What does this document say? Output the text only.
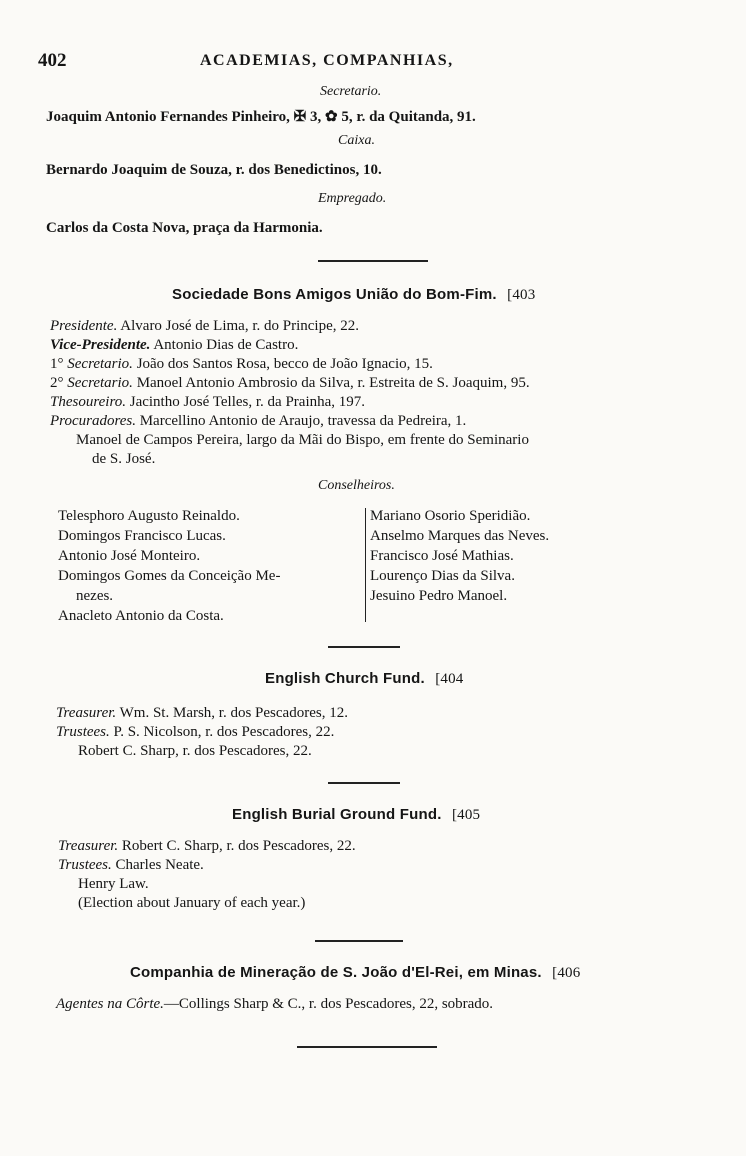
402	ACADEMIAS, COMPANHIAS,
Secretario.
Joaquim Antonio Fernandes Pinheiro, ✠ 3, ✿ 5, r. da Quitanda, 91.
Caixa.
Bernardo Joaquim de Souza, r. dos Benedictinos, 10.
Empregado.
Carlos da Costa Nova, praça da Harmonia.
Sociedade Bons Amigos União do Bom-Fim. [403
Presidente. Alvaro José de Lima, r. do Principe, 22.
Vice-Presidente. Antonio Dias de Castro.
1° Secretario. João dos Santos Rosa, becco de João Ignacio, 15.
2° Secretario. Manoel Antonio Ambrosio da Silva, r. Estreita de S. Joaquim, 95.
Thesoureiro. Jacintho José Telles, r. da Prainha, 197.
Procuradores. Marcellino Antonio de Araujo, travessa da Pedreira, 1.
Manoel de Campos Pereira, largo da Mãi do Bispo, em frente do Seminario
de S. José.
Conselheiros.
Telesphoro Augusto Reinaldo.
Domingos Francisco Lucas.
Antonio José Monteiro.
Domingos Gomes da Conceição Me-
nezes.
Anacleto Antonio da Costa.
Mariano Osorio Speridião.
Anselmo Marques das Neves.
Francisco José Mathias.
Lourenço Dias da Silva.
Jesuino Pedro Manoel.
English Church Fund. [404
Treasurer. Wm. St. Marsh, r. dos Pescadores, 12.
Trustees. P. S. Nicolson, r. dos Pescadores, 22.
Robert C. Sharp, r. dos Pescadores, 22.
English Burial Ground Fund. [405
Treasurer. Robert C. Sharp, r. dos Pescadores, 22.
Trustees. Charles Neate.
Henry Law.
(Election about January of each year.)
Companhia de Mineração de S. João d'El-Rei, em Minas. [406
Agentes na Côrte.—Collings Sharp & C., r. dos Pescadores, 22, sobrado.
